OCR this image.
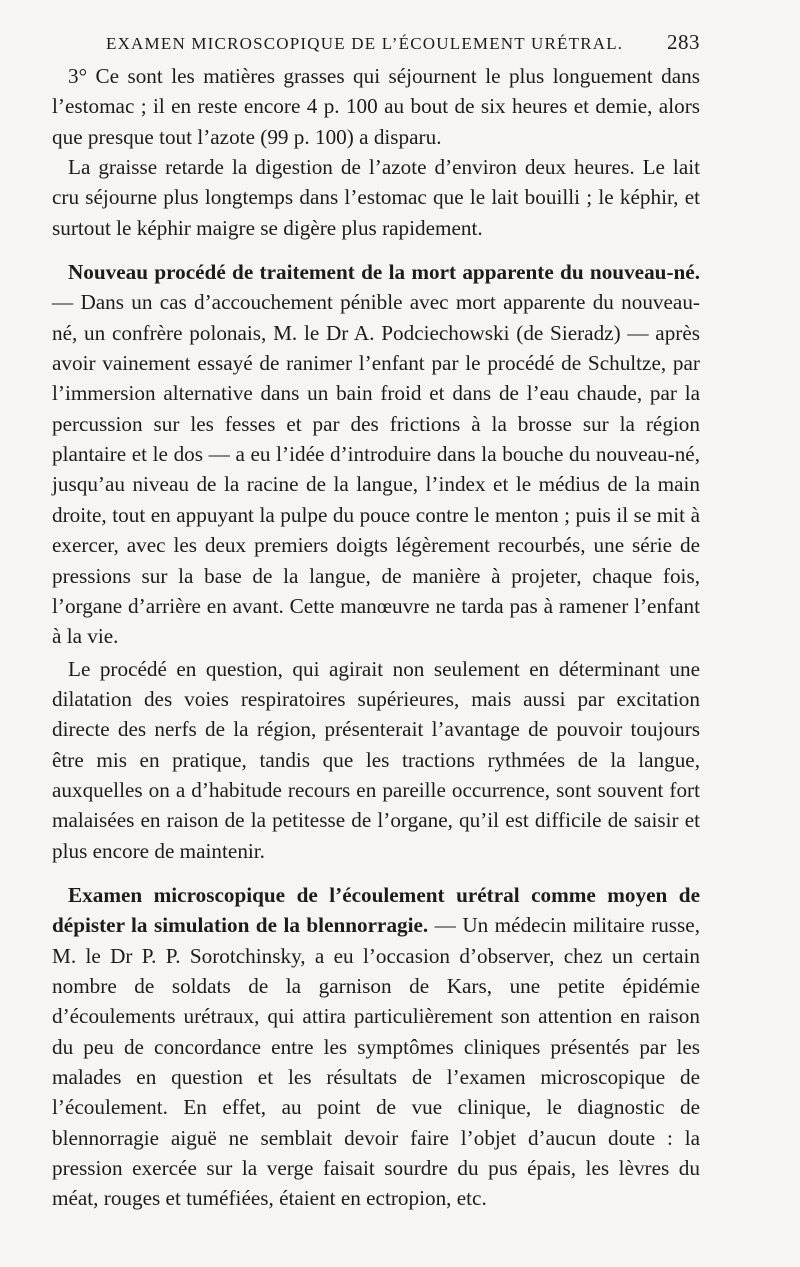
EXAMEN MICROSCOPIQUE DE L’ÉCOULEMENT URÉTRAL. 283

3° Ce sont les matières grasses qui séjournent le plus longuement dans l’estomac ; il en reste encore 4 p. 100 au bout de six heures et demie, alors que presque tout l’azote (99 p. 100) a disparu.

La graisse retarde la digestion de l’azote d’environ deux heures. Le lait cru séjourne plus longtemps dans l’estomac que le lait bouilli ; le képhir, et surtout le képhir maigre se digère plus rapidement.

Nouveau procédé de traitement de la mort apparente du nouveau-né. — Dans un cas d’accouchement pénible avec mort apparente du nouveau-né, un confrère polonais, M. le Dr A. Podciechowski (de Sieradz) — après avoir vainement essayé de ranimer l’enfant par le procédé de Schultze, par l’immersion alternative dans un bain froid et dans de l’eau chaude, par la percussion sur les fesses et par des frictions à la brosse sur la région plantaire et le dos — a eu l’idée d’introduire dans la bouche du nouveau-né, jusqu’au niveau de la racine de la langue, l’index et le médius de la main droite, tout en appuyant la pulpe du pouce contre le menton ; puis il se mit à exercer, avec les deux premiers doigts légèrement recourbés, une série de pressions sur la base de la langue, de manière à projeter, chaque fois, l’organe d’arrière en avant. Cette manœuvre ne tarda pas à ramener l’enfant à la vie.

Le procédé en question, qui agirait non seulement en déterminant une dilatation des voies respiratoires supérieures, mais aussi par excitation directe des nerfs de la région, présenterait l’avantage de pouvoir toujours être mis en pratique, tandis que les tractions rythmées de la langue, auxquelles on a d’habitude recours en pareille occurrence, sont souvent fort malaisées en raison de la petitesse de l’organe, qu’il est difficile de saisir et plus encore de maintenir.

Examen microscopique de l’écoulement urétral comme moyen de dépister la simulation de la blennorragie. — Un médecin militaire russe, M. le Dr P. P. Sorotchinsky, a eu l’occasion d’observer, chez un certain nombre de soldats de la garnison de Kars, une petite épidémie d’écoulements urétraux, qui attira particulièrement son attention en raison du peu de concordance entre les symptômes cliniques présentés par les malades en question et les résultats de l’examen microscopique de l’écoulement. En effet, au point de vue clinique, le diagnostic de blennorragie aiguë ne semblait devoir faire l’objet d’aucun doute : la pression exercée sur la verge faisait sourdre du pus épais, les lèvres du méat, rouges et tuméfiées, étaient en ectropion, etc.
